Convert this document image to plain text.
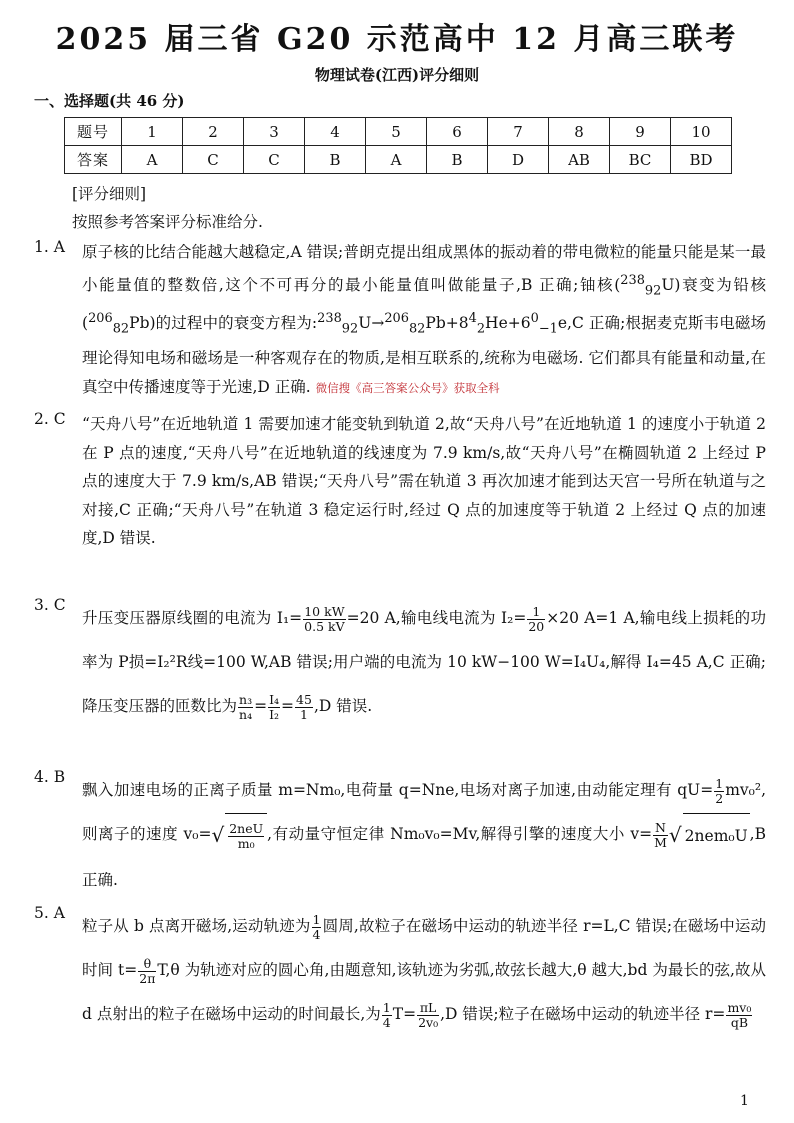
2025 届三省 G20 示范高中 12 月高三联考
物理试卷(江西)评分细则
一、选择题(共 46 分)
题号	1	2	3	4	5	6	7	8	9	10
答案	A	C	C	B	A	B	D	AB	BC	BD
[评分细则]
按照参考答案评分标准给分.
1. A 原子核的比结合能越大越稳定,A 错误;普朗克提出组成黑体的振动着的带电微粒的能量只能是某一最小能量值的整数倍,这个不可再分的最小能量值叫做能量子,B 正确;铀核($^{238}_{92}$U)衰变为铅核($^{206}_{82}$Pb)的过程中的衰变方程为$:^{238}_{92}U\to^{206}_{82}Pb+8^4_2He+6^0_{-1}e,C$ 正确;根据麦克斯韦电磁场理论得知电场和磁场是一种客观存在的物质,是相互联系的,统称为电磁场. 它们都具有能量和动量,在真空中传播速度等于光速,D 正确. 微信搜《高三答案公众号》获取全科
2. C “天舟八号”在近地轨道 1 需要加速才能变轨到轨道 2,故“天舟八号”在近地轨道 1 的速度小于轨道 2 在 P 点的速度,“天舟八号”在近地轨道的线速度为 7.9 km/s,故“天舟八号”在椭圆轨道 2 上经过 P 点的速度大于 7.9 km/s,AB 错误;“天舟八号”需在轨道 3 再次加速才能到达天宫一号所在轨道与之对接,C 正确;“天舟八号”在轨道 3 稳定运行时,经过 Q 点的加速度等于轨道 2 上经过 Q 点的加速度,D 错误.
3. C
升压变压器原线圈的电流为 $I_1= \frac{10 kW}{0.5 kV} =20$ A,输电线电流为 $I_2= \frac{1}{20} \times 20$ A=1 A,输电线上损耗的功率为 P损=I₂²R线=100 W,AB 错误;用户端的电流为 10 kW−100 W=I₄U₄,解得 I₄=45 A,C 正确;降压变压器的匝数比为 $\frac{\text{n₃}}{\text{n₄}} = \frac{\text{I₄}}{\text{I₂}} = \frac{45}{1} ,D$ 错误.
4. B
飘入加速电场的正离子质量 m=Nm₀,电荷量 q=Nne,电场对离子加速,由动能定理有 $qU= \frac{1}{2} mv_0^2$,则离子的速度 $v_0=√ \frac{\text{2neU}}{\text{m₀}}$ ,有动量守恒定律 Nm₀v₀=Mv,解得引擎的速度大小 $v= \frac{N}{M}$ √ 2nem₀U ,B 正确.
5. A
粒子从 b 点离开磁场,运动轨迹为 $\frac{1}{4}$ 圆周,故粒子在磁场中运动的轨迹半径 r=L,C 错误;在磁场中运动时间 $t= \frac{\theta}{2\pi} T,\theta$ 为轨迹对应的圆心角,由题意知,该轨迹为劣弧,故弦长越大,θ 越大,bd 为最长的弦,故从 d 点射出的粒子在磁场中运动的时间最长,为 $\frac{1}{4} T= \frac{\pi L}{\text{2v₀}} ,D$ 错误;粒子在磁场中运动的轨迹半径 $r= \frac{\text{mv₀}}{qB}$
1
